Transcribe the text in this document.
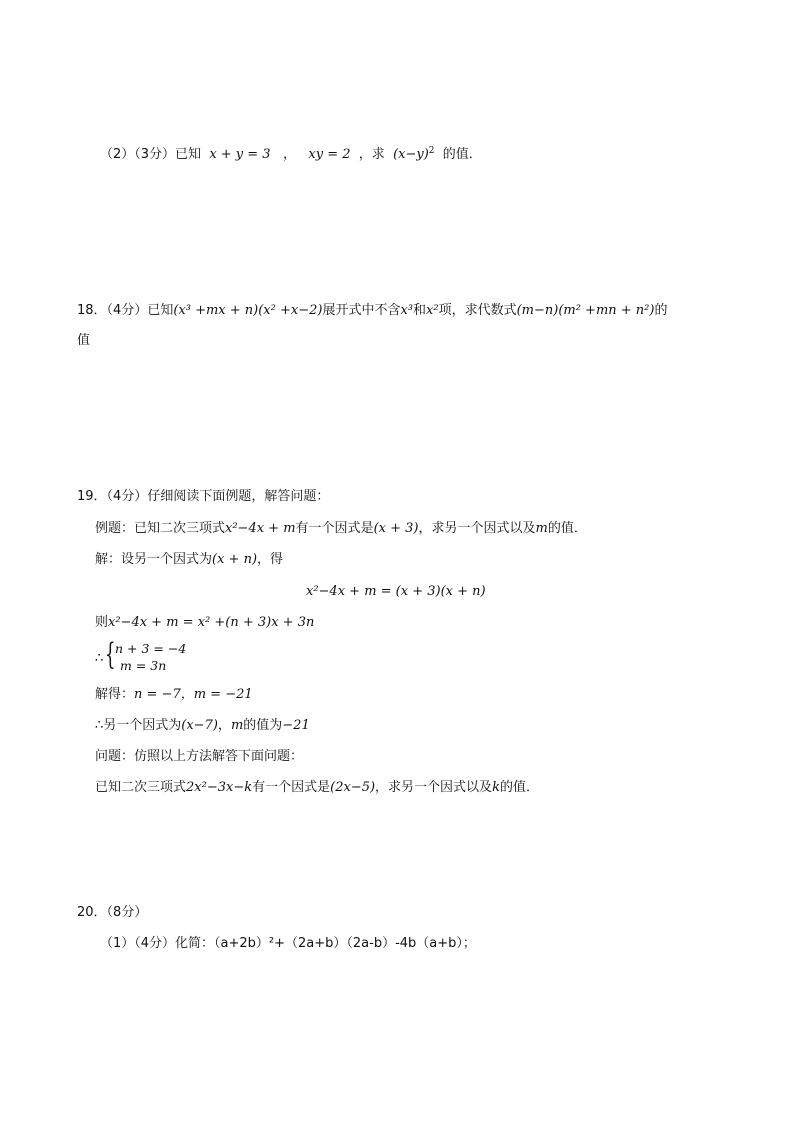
（2）（3分）已知 x + y = 3 ， xy = 2 ，求 $(x-y)^2$ 的值．
18．（4分）已知(x³ +mx + n)(x² +x−2)展开式中不含x³和x²项，求代数式(m−n)(m² +mn + n²)的
值
19．（4分）仔细阅读下面例题，解答问题：
例题：已知二次三项式x²−4x + m有一个因式是(x + 3)，求另一个因式以及m的值．
解：设另一个因式为(x + n)，得
x²−4x + m = (x + 3)(x + n)
则x²−4x + m = x² +(n + 3)x + 3n
∴ { n + 3 = −4
m = 3n
解得：n = −7，m = −21
∴另一个因式为(x−7)，m的值为−21
问题：仿照以上方法解答下面问题：
已知二次三项式2x²−3x−k有一个因式是(2x−5)，求另一个因式以及k的值．
20．（8分）
（1）（4分）化简：（a+2b）²+（2a+b）（2a-b）-4b（a+b）；
